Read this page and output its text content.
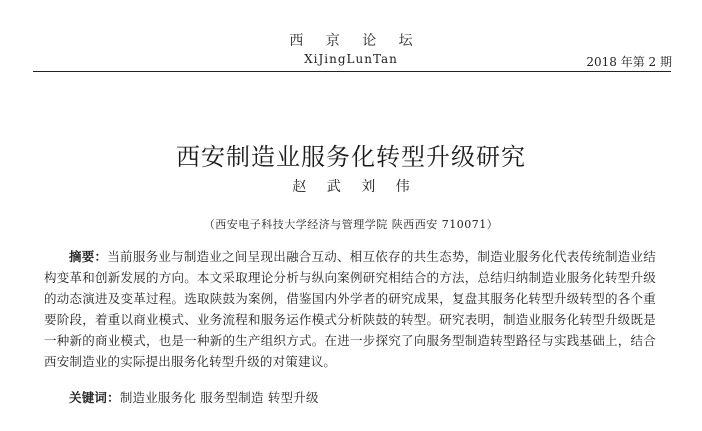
西 京 论 坛
XiJingLunTan	2018 年第 2 期
西安制造业服务化转型升级研究
赵 武 刘 伟
（西安电子科技大学经济与管理学院 陕西西安 710071）
摘要：当前服务业与制造业之间呈现出融合互动、相互依存的共生态势，制造业服务化代表传统制造业结构变革和创新发展的方向。本文采取理论分析与纵向案例研究相结合的方法，总结归纳制造业服务化转型升级的动态演进及变革过程。选取陕鼓为案例，借鉴国内外学者的研究成果，复盘其服务化转型升级转型的各个重要阶段，着重以商业模式、业务流程和服务运作模式分析陕鼓的转型。研究表明，制造业服务化转型升级既是一种新的商业模式，也是一种新的生产组织方式。在进一步探究了向服务型制造转型路径与实践基础上，结合西安制造业的实际提出服务化转型升级的对策建议。
关键词：制造业服务化 服务型制造 转型升级
